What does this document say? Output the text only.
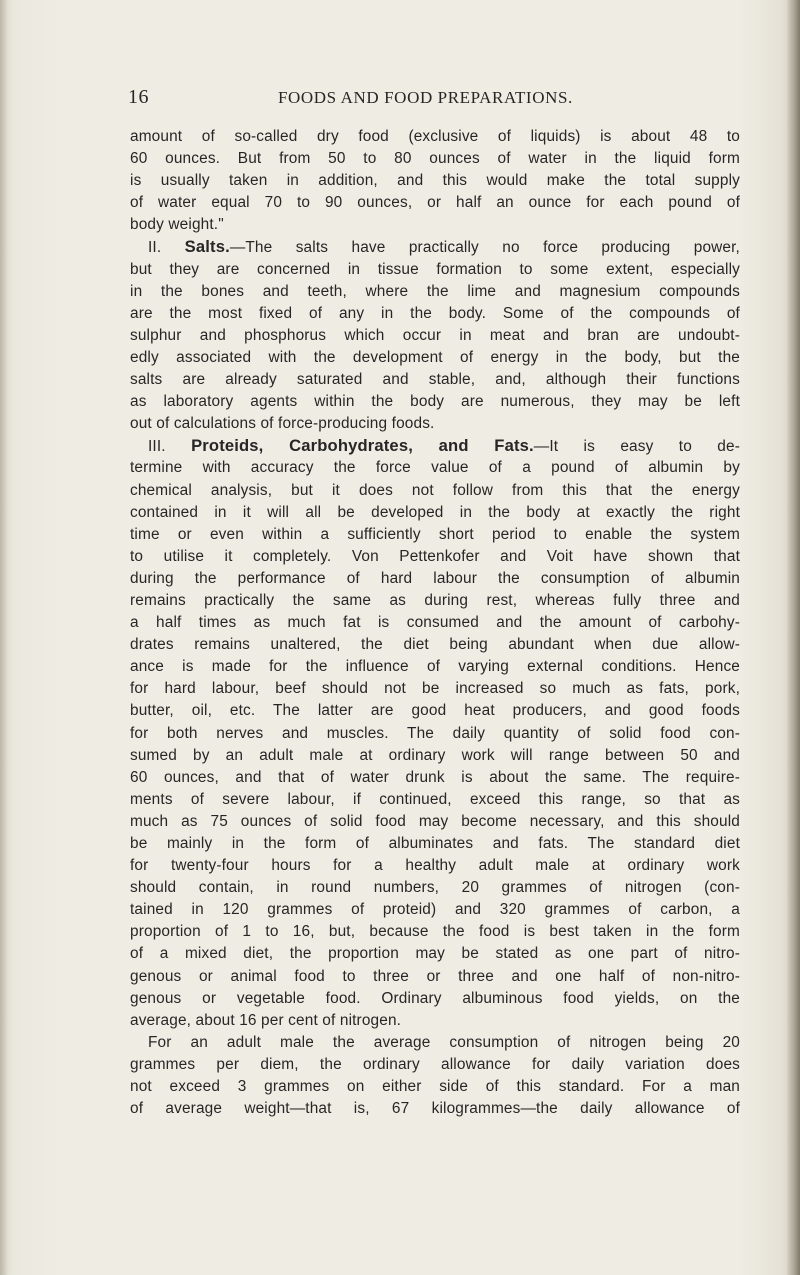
16	FOODS AND FOOD PREPARATIONS.
amount of so-called dry food (exclusive of liquids) is about 48 to
60 ounces. But from 50 to 80 ounces of water in the liquid form
is usually taken in addition, and this would make the total supply
of water equal 70 to 90 ounces, or half an ounce for each pound of
body weight."
II. Salts.—The salts have practically no force producing power,
but they are concerned in tissue formation to some extent, especially
in the bones and teeth, where the lime and magnesium compounds
are the most fixed of any in the body. Some of the compounds of
sulphur and phosphorus which occur in meat and bran are undoubt-
edly associated with the development of energy in the body, but the
salts are already saturated and stable, and, although their functions
as laboratory agents within the body are numerous, they may be left
out of calculations of force-producing foods.
III. Proteids, Carbohydrates, and Fats.—It is easy to de-
termine with accuracy the force value of a pound of albumin by
chemical analysis, but it does not follow from this that the energy
contained in it will all be developed in the body at exactly the right
time or even within a sufficiently short period to enable the system
to utilise it completely. Von Pettenkofer and Voit have shown that
during the performance of hard labour the consumption of albumin
remains practically the same as during rest, whereas fully three and
a half times as much fat is consumed and the amount of carbohy-
drates remains unaltered, the diet being abundant when due allow-
ance is made for the influence of varying external conditions. Hence
for hard labour, beef should not be increased so much as fats, pork,
butter, oil, etc. The latter are good heat producers, and good foods
for both nerves and muscles. The daily quantity of solid food con-
sumed by an adult male at ordinary work will range between 50 and
60 ounces, and that of water drunk is about the same. The require-
ments of severe labour, if continued, exceed this range, so that as
much as 75 ounces of solid food may become necessary, and this should
be mainly in the form of albuminates and fats. The standard diet
for twenty-four hours for a healthy adult male at ordinary work
should contain, in round numbers, 20 grammes of nitrogen (con-
tained in 120 grammes of proteid) and 320 grammes of carbon, a
proportion of 1 to 16, but, because the food is best taken in the form
of a mixed diet, the proportion may be stated as one part of nitro-
genous or animal food to three or three and one half of non-nitro-
genous or vegetable food. Ordinary albuminous food yields, on the
average, about 16 per cent of nitrogen.
For an adult male the average consumption of nitrogen being 20
grammes per diem, the ordinary allowance for daily variation does
not exceed 3 grammes on either side of this standard. For a man
of average weight—that is, 67 kilogrammes—the daily allowance of
